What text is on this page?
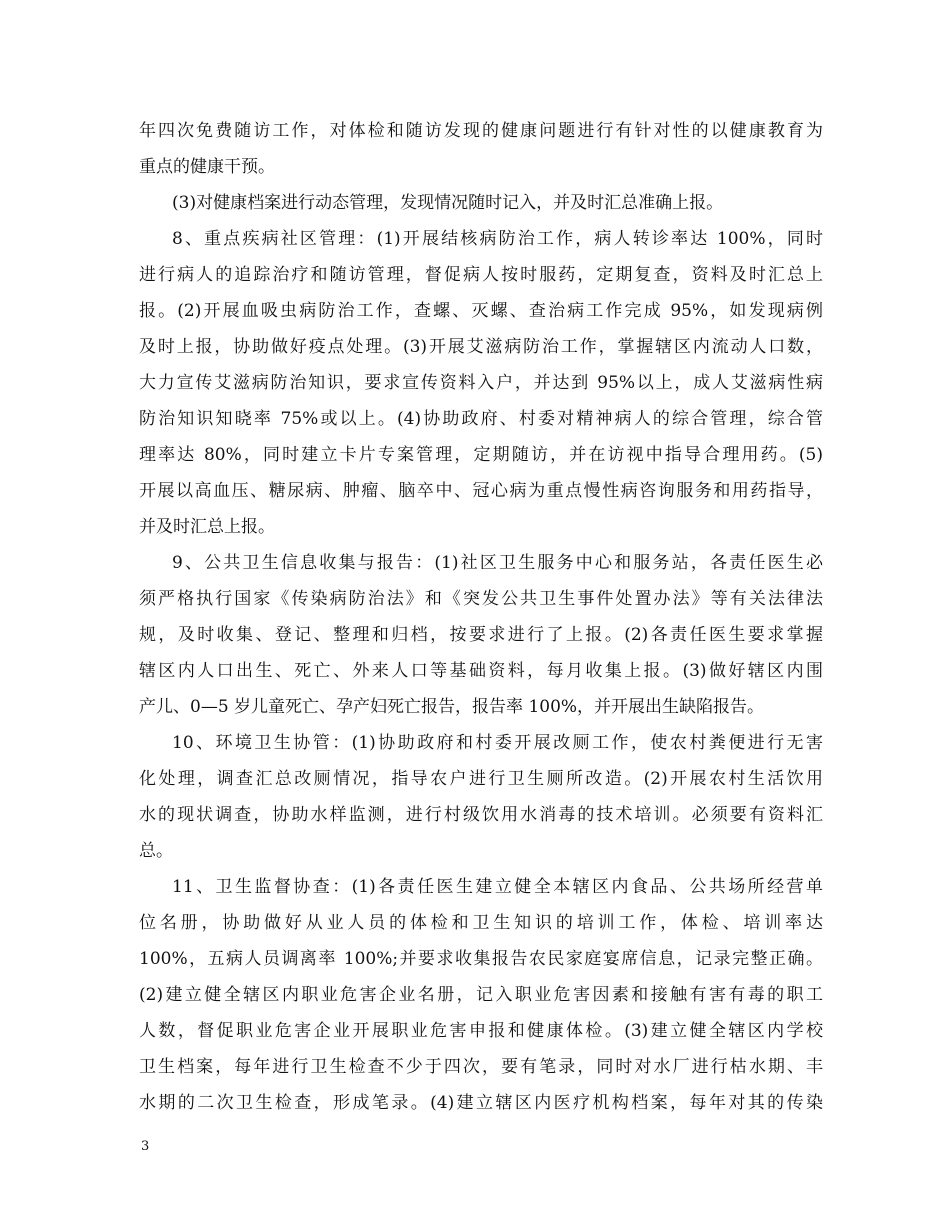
年四次免费随访工作，对体检和随访发现的健康问题进行有针对性的以健康教育为
重点的健康干预。
(3)对健康档案进行动态管理，发现情况随时记入，并及时汇总准确上报。
8、重点疾病社区管理：(1)开展结核病防治工作，病人转诊率达 100%，同时
进行病人的追踪治疗和随访管理，督促病人按时服药，定期复查，资料及时汇总上
报。(2)开展血吸虫病防治工作，查螺、灭螺、查治病工作完成 95%，如发现病例
及时上报，协助做好疫点处理。(3)开展艾滋病防治工作，掌握辖区内流动人口数，
大力宣传艾滋病防治知识，要求宣传资料入户，并达到 95%以上，成人艾滋病性病
防治知识知晓率 75%或以上。(4)协助政府、村委对精神病人的综合管理，综合管
理率达 80%，同时建立卡片专案管理，定期随访，并在访视中指导合理用药。(5)
开展以高血压、糖尿病、肿瘤、脑卒中、冠心病为重点慢性病咨询服务和用药指导，
并及时汇总上报。
9、公共卫生信息收集与报告：(1)社区卫生服务中心和服务站，各责任医生必
须严格执行国家《传染病防治法》和《突发公共卫生事件处置办法》等有关法律法
规，及时收集、登记、整理和归档，按要求进行了上报。(2)各责任医生要求掌握
辖区内人口出生、死亡、外来人口等基础资料，每月收集上报。(3)做好辖区内围
产儿、0—5 岁儿童死亡、孕产妇死亡报告，报告率 100%，并开展出生缺陷报告。
10、环境卫生协管：(1)协助政府和村委开展改厕工作，使农村粪便进行无害
化处理，调查汇总改厕情况，指导农户进行卫生厕所改造。(2)开展农村生活饮用
水的现状调查，协助水样监测，进行村级饮用水消毒的技术培训。必须要有资料汇
总。
11、卫生监督协查：(1)各责任医生建立健全本辖区内食品、公共场所经营单
位名册，协助做好从业人员的体检和卫生知识的培训工作，体检、培训率达
100%，五病人员调离率 100%;并要求收集报告农民家庭宴席信息，记录完整正确。
(2)建立健全辖区内职业危害企业名册，记入职业危害因素和接触有害有毒的职工
人数，督促职业危害企业开展职业危害申报和健康体检。(3)建立健全辖区内学校
卫生档案，每年进行卫生检查不少于四次，要有笔录，同时对水厂进行枯水期、丰
水期的二次卫生检查，形成笔录。(4)建立辖区内医疗机构档案，每年对其的传染
3
